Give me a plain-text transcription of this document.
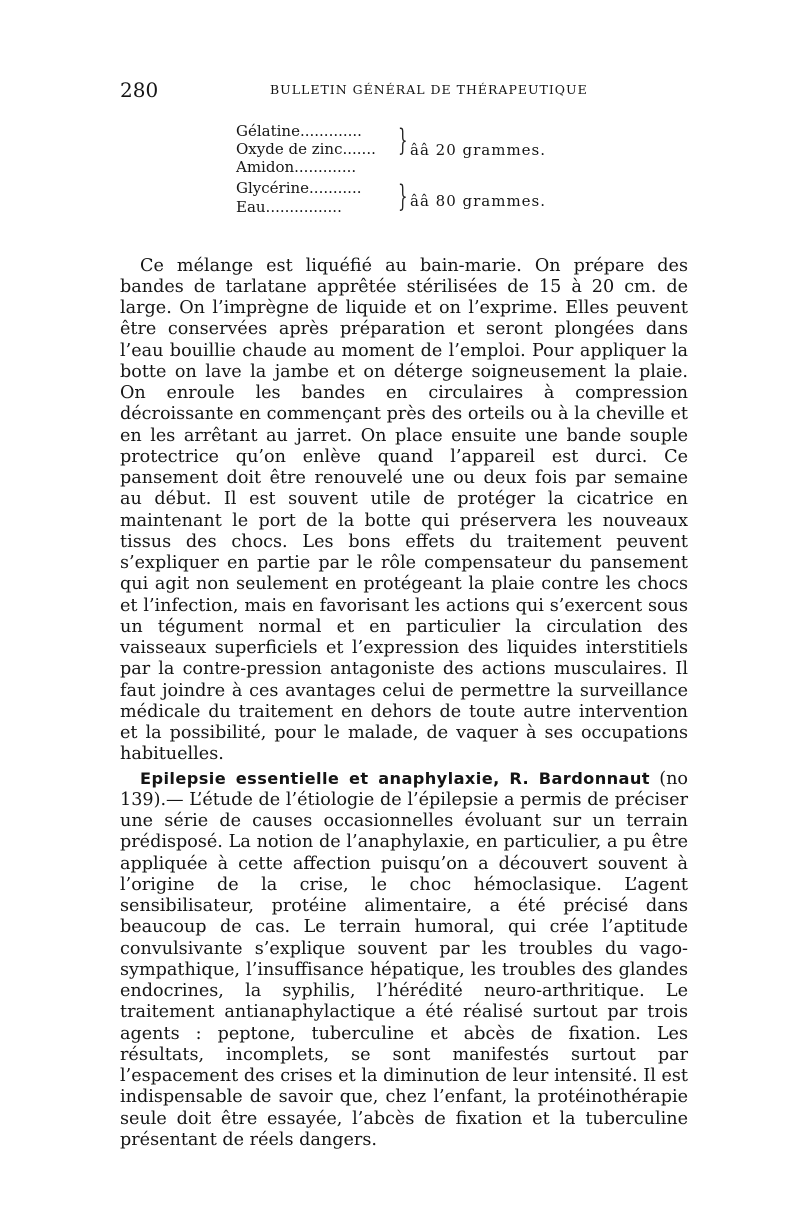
280	BULLETIN GÉNÉRAL DE THÉRAPEUTIQUE
Gélatine.............
Oxyde de zinc.......
Amidon.............
Glycérine...........
Eau................
} ââ 20 grammes.
} ââ 80 grammes.

Ce mélange est liquéfié au bain-marie. On prépare des bandes de tarlatane apprêtée stérilisées de 15 à 20 cm. de large. On l’imprègne de liquide et on l’exprime. Elles peuvent être conservées après préparation et seront plongées dans l’eau bouillie chaude au moment de l’emploi. Pour appliquer la botte on lave la jambe et on déterge soigneusement la plaie. On enroule les bandes en circulaires à compression décroissante en commençant près des orteils ou à la cheville et en les arrêtant au jarret. On place ensuite une bande souple protectrice qu’on enlève quand l’appareil est durci. Ce pansement doit être renouvelé une ou deux fois par semaine au début. Il est souvent utile de protéger la cicatrice en maintenant le port de la botte qui préservera les nouveaux tissus des chocs. Les bons effets du traitement peuvent s’expliquer en partie par le rôle compensateur du pansement qui agit non seulement en protégeant la plaie contre les chocs et l’infection, mais en favorisant les actions qui s’exercent sous un tégument normal et en particulier la circulation des vaisseaux superficiels et l’expression des liquides interstitiels par la contre-pression antagoniste des actions musculaires. Il faut joindre à ces avantages celui de permettre la surveillance médicale du traitement en dehors de toute autre intervention et la possibilité, pour le malade, de vaquer à ses occupations habituelles.

Epilepsie essentielle et anaphylaxie, R. Bardonnaut (no 139).— L’étude de l’étiologie de l’épilepsie a permis de préciser une série de causes occasionnelles évoluant sur un terrain prédisposé. La notion de l’anaphylaxie, en particulier, a pu être appliquée à cette affection puisqu’on a découvert souvent à l’origine de la crise, le choc hémoclasique. L’agent sensibilisateur, protéine alimentaire, a été précisé dans beaucoup de cas. Le terrain humoral, qui crée l’aptitude convulsivante s’explique souvent par les troubles du vago-sympathique, l’insuffisance hépatique, les troubles des glandes endocrines, la syphilis, l’hérédité neuro-arthritique. Le traitement antianaphylactique a été réalisé surtout par trois agents : peptone, tuberculine et abcès de fixation. Les résultats, incomplets, se sont manifestés surtout par l’espacement des crises et la diminution de leur intensité. Il est indispensable de savoir que, chez l’enfant, la protéinothérapie seule doit être essayée, l’abcès de fixation et la tuberculine présentant de réels dangers.
